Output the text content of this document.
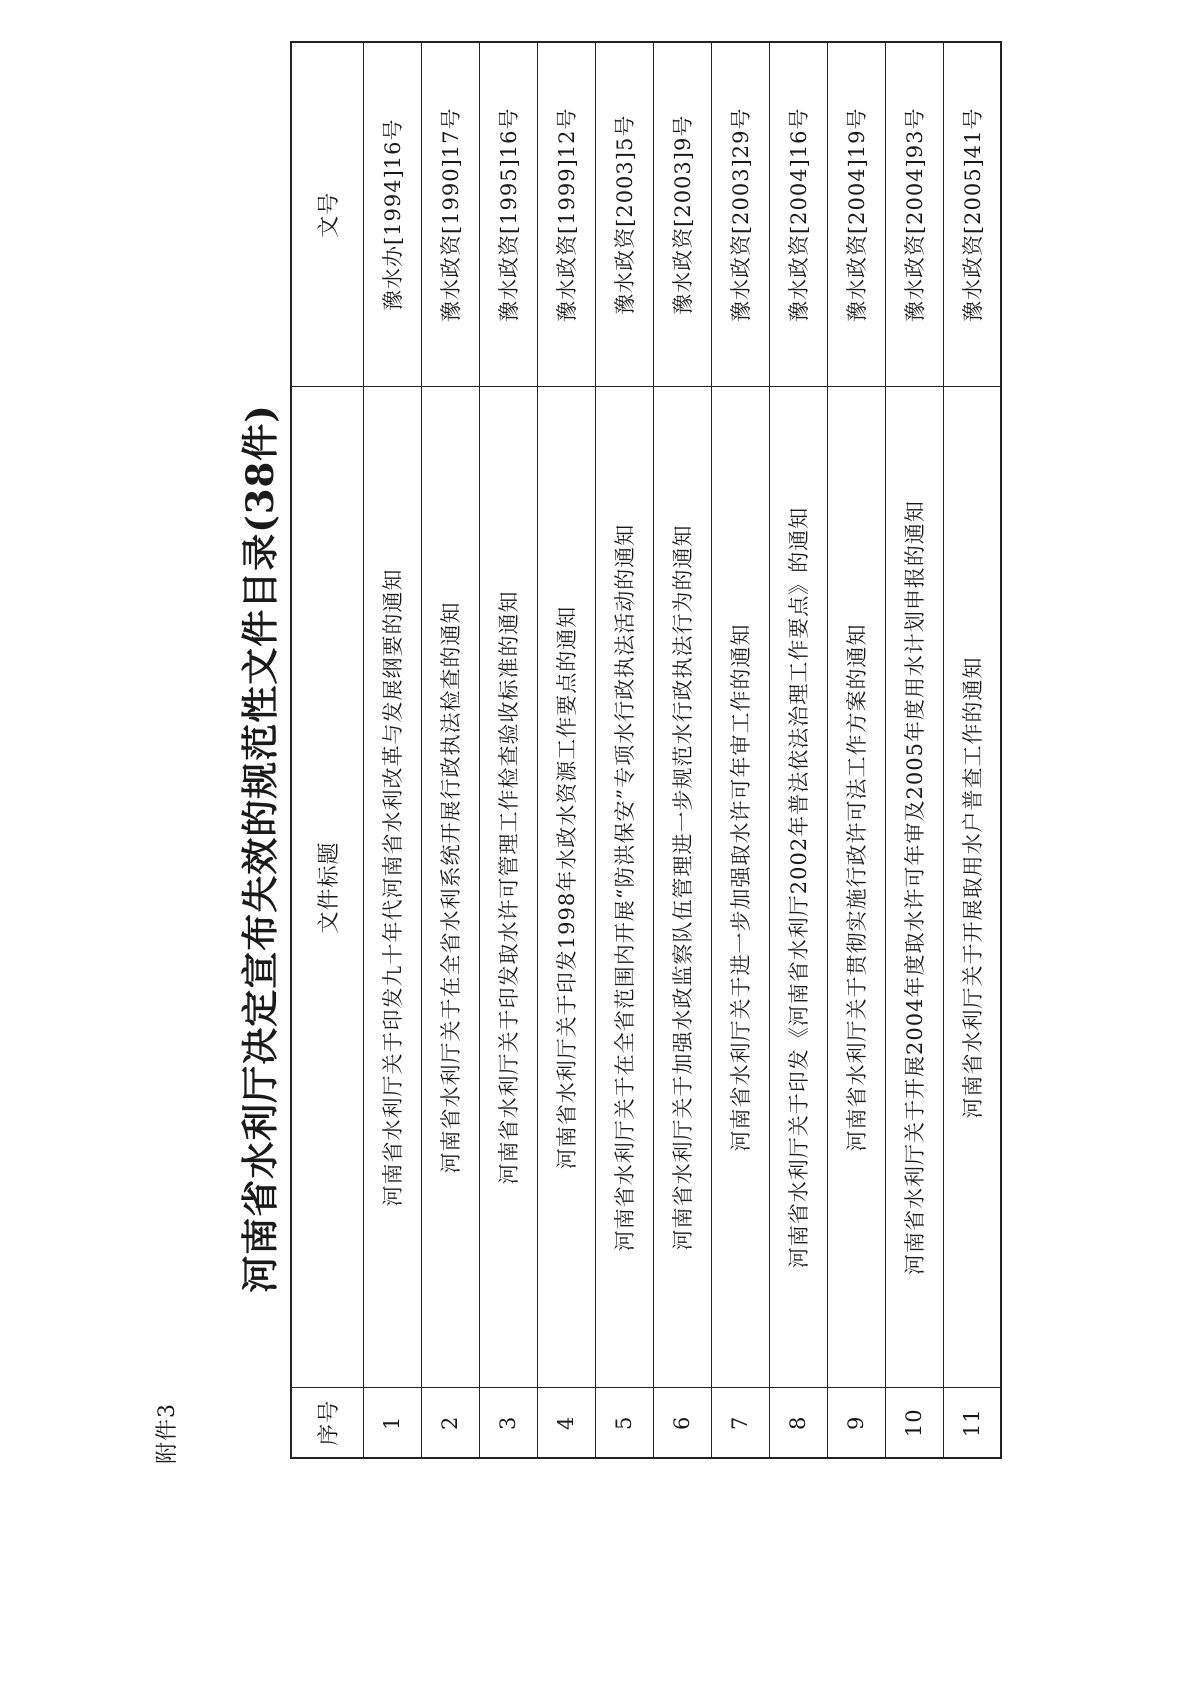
附件3
河南省水利厅决定宣布失效的规范性文件目录(38件)
序号	文件标题	文号
1	河南省水利厅关于印发九十年代河南省水利改革与发展纲要的通知	豫水办[1994]16号
2	河南省水利厅关于在全省水利系统开展行政执法检查的通知	豫水政资[1990]17号
3	河南省水利厅关于印发取水许可管理工作检查验收标准的通知	豫水政资[1995]16号
4	河南省水利厅关于印发1998年水政水资源工作要点的通知	豫水政资[1999]12号
5	河南省水利厅关于在全省范围内开展“防洪保安”专项水行政执法活动的通知	豫水政资[2003]5号
6	河南省水利厅关于加强水政监察队伍管理进一步规范水行政执法行为的通知	豫水政资[2003]9号
7	河南省水利厅关于进一步加强取水许可年审工作的通知	豫水政资[2003]29号
8	河南省水利厅关于印发《河南省水利厅2002年普法依法治理工作要点》的通知	豫水政资[2004]16号
9	河南省水利厅关于贯彻实施行政许可法工作方案的通知	豫水政资[2004]19号
10	河南省水利厅关于开展2004年度取水许可年审及2005年度用水计划申报的通知	豫水政资[2004]93号
11	河南省水利厅关于开展取用水户普查工作的通知	豫水政资[2005]41号
